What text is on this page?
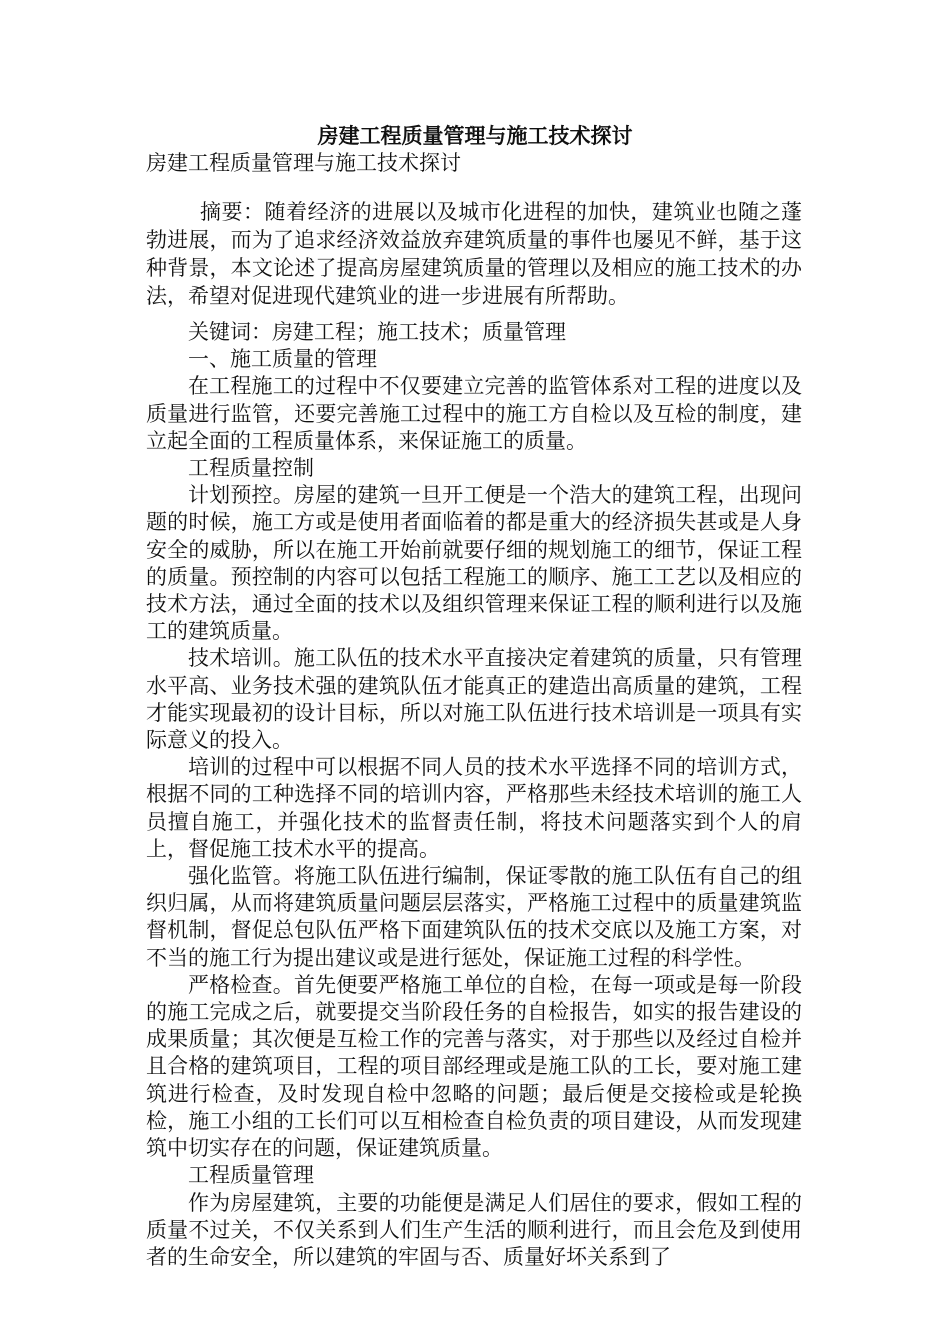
房建工程质量管理与施工技术探讨
房建工程质量管理与施工技术探讨

摘要：随着经济的进展以及城市化进程的加快，建筑业也随之蓬勃进展，而为了追求经济效益放弃建筑质量的事件也屡见不鲜，基于这种背景，本文论述了提高房屋建筑质量的管理以及相应的施工技术的办法，希望对促进现代建筑业的进一步进展有所帮助。

关键词：房建工程；施工技术；质量管理

一、施工质量的管理

在工程施工的过程中不仅要建立完善的监管体系对工程的进度以及质量进行监管，还要完善施工过程中的施工方自检以及互检的制度，建立起全面的工程质量体系，来保证施工的质量。

工程质量控制

计划预控。房屋的建筑一旦开工便是一个浩大的建筑工程，出现问题的时候，施工方或是使用者面临着的都是重大的经济损失甚或是人身安全的威胁，所以在施工开始前就要仔细的规划施工的细节，保证工程的质量。预控制的内容可以包括工程施工的顺序、施工工艺以及相应的技术方法，通过全面的技术以及组织管理来保证工程的顺利进行以及施工的建筑质量。

技术培训。施工队伍的技术水平直接决定着建筑的质量，只有管理水平高、业务技术强的建筑队伍才能真正的建造出高质量的建筑，工程才能实现最初的设计目标，所以对施工队伍进行技术培训是一项具有实际意义的投入。

培训的过程中可以根据不同人员的技术水平选择不同的培训方式，根据不同的工种选择不同的培训内容，严格那些未经技术培训的施工人员擅自施工，并强化技术的监督责任制，将技术问题落实到个人的肩上，督促施工技术水平的提高。

强化监管。将施工队伍进行编制，保证零散的施工队伍有自己的组织归属，从而将建筑质量问题层层落实，严格施工过程中的质量建筑监督机制，督促总包队伍严格下面建筑队伍的技术交底以及施工方案，对不当的施工行为提出建议或是进行惩处，保证施工过程的科学性。

严格检查。首先便要严格施工单位的自检，在每一项或是每一阶段的施工完成之后，就要提交当阶段任务的自检报告，如实的报告建设的成果质量；其次便是互检工作的完善与落实，对于那些以及经过自检并且合格的建筑项目，工程的项目部经理或是施工队的工长，要对施工建筑进行检查，及时发现自检中忽略的问题；最后便是交接检或是轮换检，施工小组的工长们可以互相检查自检负责的项目建设，从而发现建筑中切实存在的问题，保证建筑质量。

工程质量管理

作为房屋建筑，主要的功能便是满足人们居住的要求，假如工程的质量不过关，不仅关系到人们生产生活的顺利进行，而且会危及到使用者的生命安全，所以建筑的牢固与否、质量好坏关系到了
